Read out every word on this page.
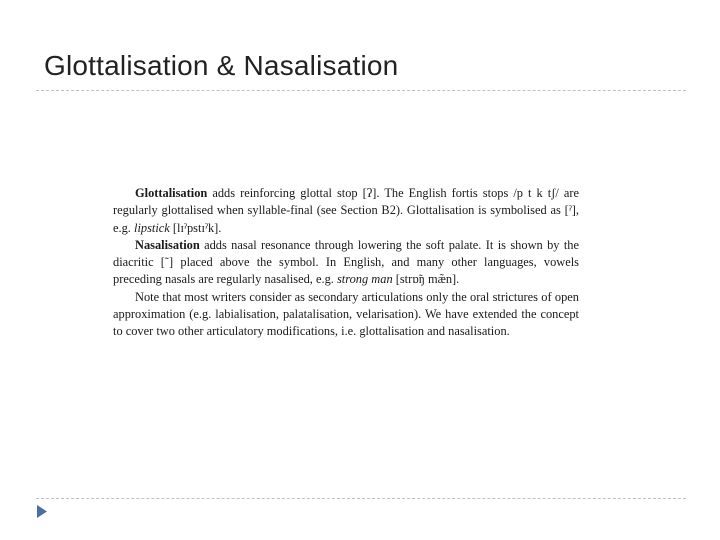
Glottalisation & Nasalisation

Glottalisation adds reinforcing glottal stop [ʔ]. The English fortis stops /p t k tʃ/ are regularly glottalised when syllable-final (see Section B2). Glottalisation is symbolised as [ˀ], e.g. lipstick [lɪˀpstɪˀk].

Nasalisation adds nasal resonance through lowering the soft palate. It is shown by the diacritic [˜] placed above the symbol. In English, and many other languages, vowels preceding nasals are regularly nasalised, e.g. strong man [strɒ̃ŋ mæ̃n].

Note that most writers consider as secondary articulations only the oral strictures of open approximation (e.g. labialisation, palatalisation, velarisation). We have extended the concept to cover two other articulatory modifications, i.e. glottalisation and nasalisation.
